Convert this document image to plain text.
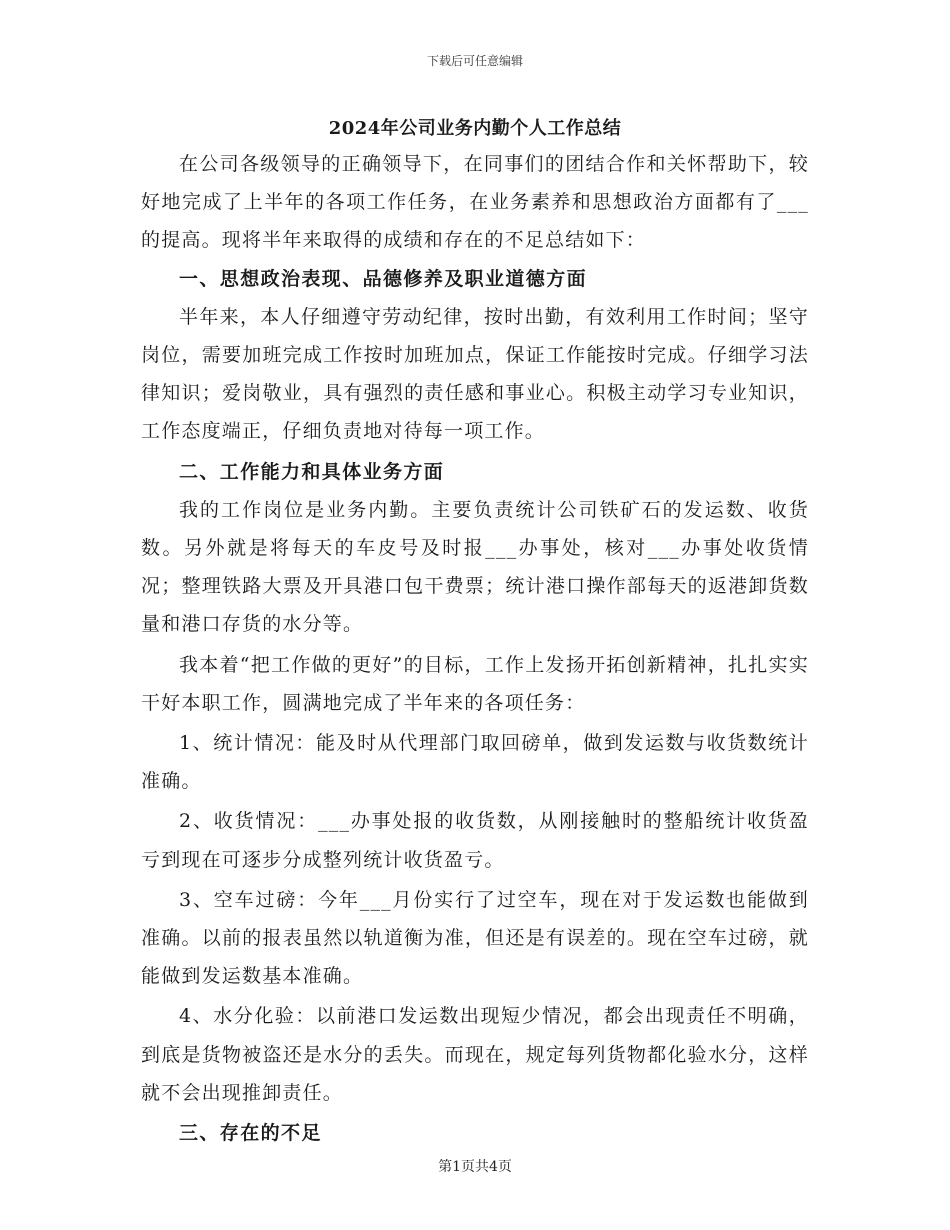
下载后可任意编辑
2024年公司业务内勤个人工作总结

在公司各级领导的正确领导下，在同事们的团结合作和关怀帮助下，较好地完成了上半年的各项工作任务，在业务素养和思想政治方面都有了___的提高。现将半年来取得的成绩和存在的不足总结如下：

一、思想政治表现、品德修养及职业道德方面

半年来，本人仔细遵守劳动纪律，按时出勤，有效利用工作时间；坚守岗位，需要加班完成工作按时加班加点，保证工作能按时完成。仔细学习法律知识；爱岗敬业，具有强烈的责任感和事业心。积极主动学习专业知识，工作态度端正，仔细负责地对待每一项工作。

二、工作能力和具体业务方面

我的工作岗位是业务内勤。主要负责统计公司铁矿石的发运数、收货数。另外就是将每天的车皮号及时报___办事处，核对___办事处收货情况；整理铁路大票及开具港口包干费票；统计港口操作部每天的返港卸货数量和港口存货的水分等。

我本着“把工作做的更好”的目标，工作上发扬开拓创新精神，扎扎实实干好本职工作，圆满地完成了半年来的各项任务：

1、统计情况：能及时从代理部门取回磅单，做到发运数与收货数统计准确。

2、收货情况：___办事处报的收货数，从刚接触时的整船统计收货盈亏到现在可逐步分成整列统计收货盈亏。

3、空车过磅：今年___月份实行了过空车，现在对于发运数也能做到准确。以前的报表虽然以轨道衡为准，但还是有误差的。现在空车过磅，就能做到发运数基本准确。

4、水分化验：以前港口发运数出现短少情况，都会出现责任不明确，到底是货物被盗还是水分的丢失。而现在，规定每列货物都化验水分，这样就不会出现推卸责任。

三、存在的不足

第1页共4页
